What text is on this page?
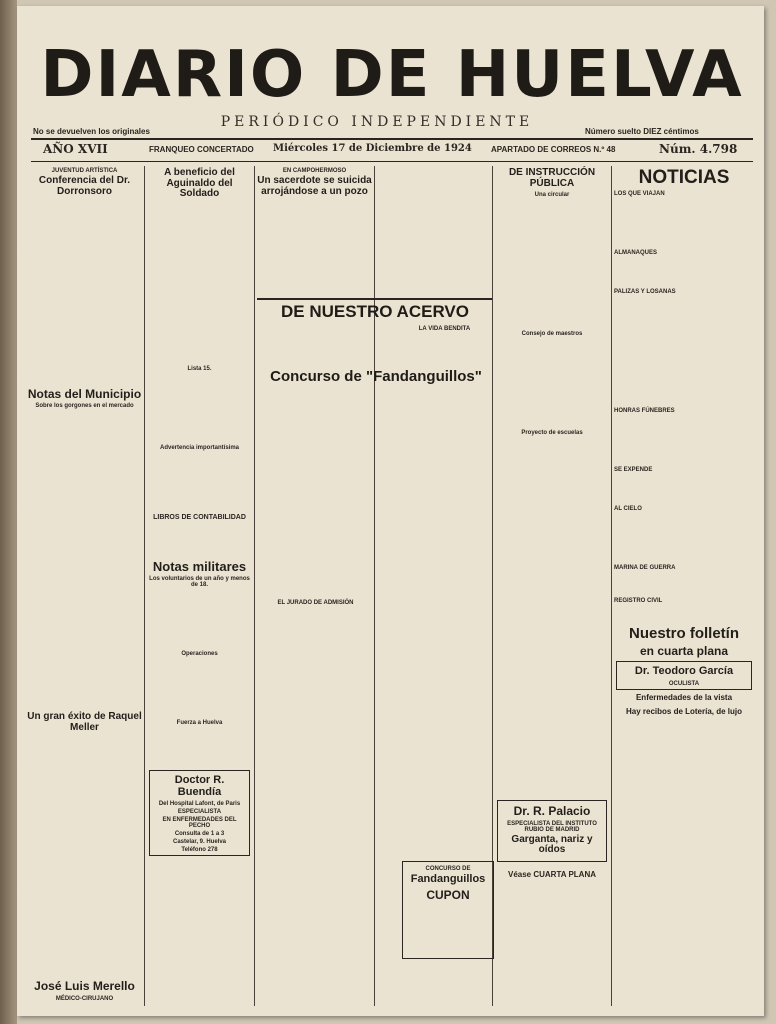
DIARIO DE HUELVA
PERIÓDICO INDEPENDIENTE
No se devuelven los originales	Número suelto DIEZ céntimos
AÑO XVII	FRANQUEO CONCERTADO Miércoles 17 de Diciembre de 1924 APARTADO DE CORREOS N.º 48	Núm. 4.798
JUVENTUD ARTÍSTICA
Conferencia del Dr. Dorronsoro

Notas del Municipio
Sobre los gorgones en el mercado
Un gran éxito de Raquel Meller
José Luis Merello
MÉDICO-CIRUJANO
A beneficio del Aguinaldo del Soldado
Lista 15.
Advertencia importantísima
LIBROS DE CONTABILIDAD
Notas militares
Los voluntarios de un año y menos de 18.
Operaciones
Fuerza a Huelva
Doctor R. Buendía
Del Hospital Lafont, de Paris
ESPECIALISTA
EN ENFERMEDADES DEL PECHO
Consulta de 1 a 3
Castelar, 9. Huelva
Teléfono 278
EN CAMPOHERMOSO
Un sacerdote se suicida arrojándose a un pozo
DE NUESTRO ACERVO
LA VIDA BENDITA
Concurso de "Fandanguillos"
EL JURADO DE ADMISIÓN
CONCURSO DE
Fandanguillos
CUPON
DE INSTRUCCIÓN PÚBLICA
Una circular
Consejo de maestros
Proyecto de escuelas
Dr. R. Palacio
ESPECIALISTA DEL INSTITUTO RUBIO DE MADRID
Garganta, nariz y oídos
Véase CUARTA PLANA
NOTICIAS
LOS QUE VIAJAN
ALMANAQUES
PALIZAS Y LOSANAS
HONRAS FÚNEBRES
SE EXPENDE
AL CIELO
MARINA DE GUERRA
REGISTRO CIVIL
Nuestro folletín
en cuarta plana
Dr. Teodoro García
OCULISTA
Enfermedades de la vista
Hay recibos de Lotería, de lujo
